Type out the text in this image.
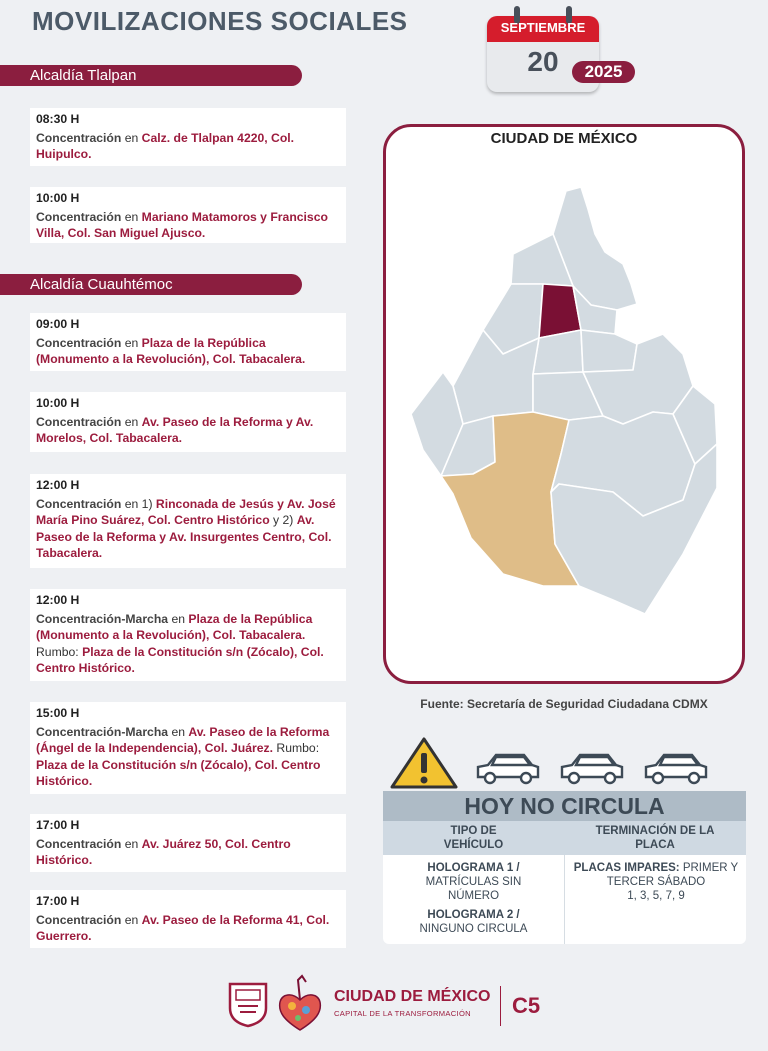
MOVILIZACIONES SOCIALES	SEPTIEMBRE
20	2025
Alcaldía Tlalpan
08:30 H
Concentración en Calz. de Tlalpan 4220, Col. Huipulco.
10:00 H
Concentración en Mariano Matamoros y Francisco Villa, Col. San Miguel Ajusco.
Alcaldía Cuauhtémoc
09:00 H
Concentración en Plaza de la República (Monumento a la Revolución), Col. Tabacalera.
10:00 H
Concentración en Av. Paseo de la Reforma y Av. Morelos, Col. Tabacalera.
12:00 H
Concentración en 1) Rinconada de Jesús y Av. José María Pino Suárez, Col. Centro Histórico y 2) Av. Paseo de la Reforma y Av. Insurgentes Centro, Col. Tabacalera.
12:00 H
Concentración-Marcha en Plaza de la República (Monumento a la Revolución), Col. Tabacalera. Rumbo: Plaza de la Constitución s/n (Zócalo), Col. Centro Histórico.
15:00 H
Concentración-Marcha en Av. Paseo de la Reforma (Ángel de la Independencia), Col. Juárez. Rumbo: Plaza de la Constitución s/n (Zócalo), Col. Centro Histórico.
17:00 H
Concentración en Av. Juárez 50, Col. Centro Histórico.
17:00 H
Concentración en Av. Paseo de la Reforma 41, Col. Guerrero.
CIUDAD DE MÉXICO
Fuente: Secretaría de Seguridad Ciudadana CDMX
HOY NO CIRCULA
TIPO DE VEHÍCULO
TERMINACIÓN DE LA PLACA
HOLOGRAMA 1 /
MATRÍCULAS SIN NÚMERO
HOLOGRAMA 2 /
NINGUNO CIRCULA
PLACAS IMPARES: PRIMER Y TERCER SÁBADO
1, 3, 5, 7, 9
CIUDAD DE MÉXICO
CAPITAL DE LA TRANSFORMACIÓN C5
